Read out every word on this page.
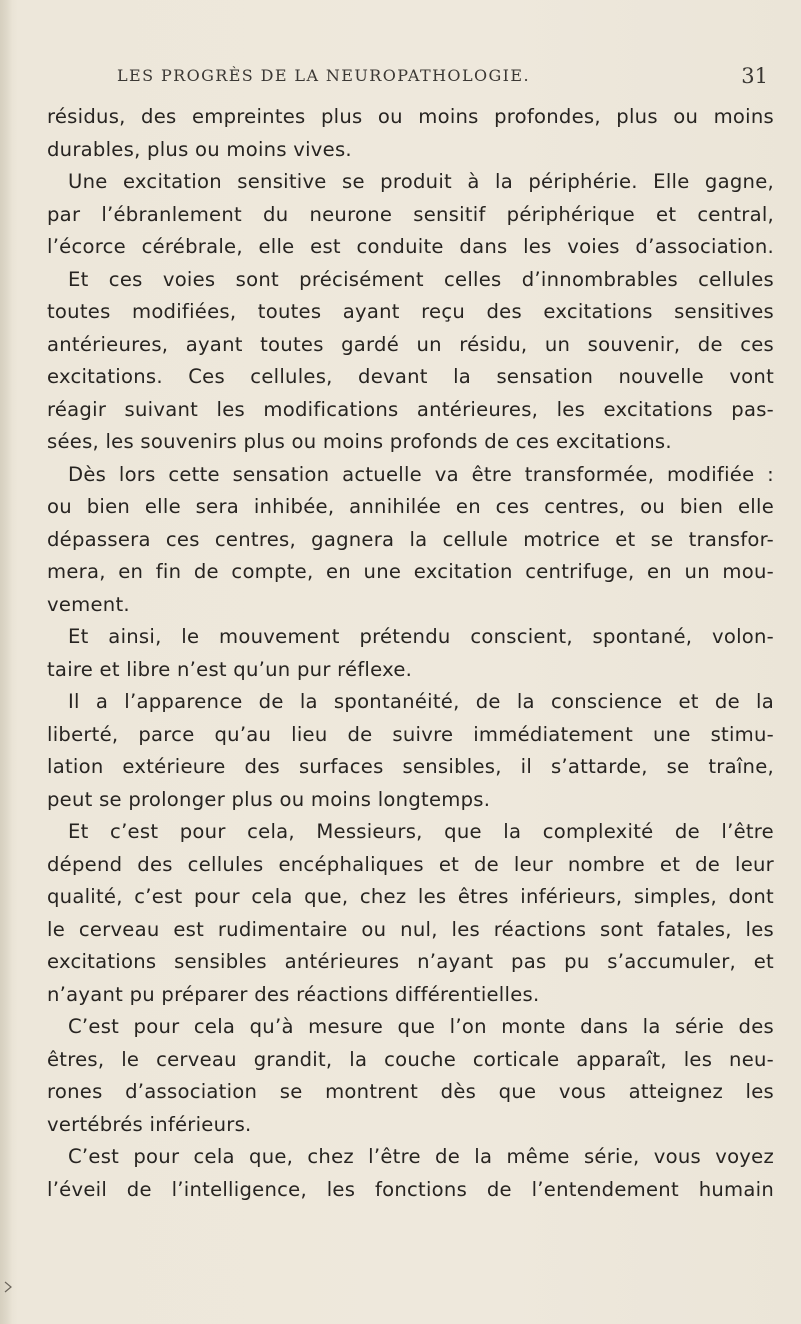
LES PROGRÈS DE LA NEUROPATHOLOGIE.	31
résidus, des empreintes plus ou moins profondes, plus ou moins
durables, plus ou moins vives.
Une excitation sensitive se produit à la périphérie. Elle gagne,
par l’ébranlement du neurone sensitif périphérique et central,
l’écorce cérébrale, elle est conduite dans les voies d’association.
Et ces voies sont précisément celles d’innombrables cellules
toutes modifiées, toutes ayant reçu des excitations sensitives
antérieures, ayant toutes gardé un résidu, un souvenir, de ces
excitations. Ces cellules, devant la sensation nouvelle vont
réagir suivant les modifications antérieures, les excitations pas-
sées, les souvenirs plus ou moins profonds de ces excitations.
Dès lors cette sensation actuelle va être transformée, modifiée :
ou bien elle sera inhibée, annihilée en ces centres, ou bien elle
dépassera ces centres, gagnera la cellule motrice et se transfor-
mera, en fin de compte, en une excitation centrifuge, en un mou-
vement.
Et ainsi, le mouvement prétendu conscient, spontané, volon-
taire et libre n’est qu’un pur réflexe.
Il a l’apparence de la spontanéité, de la conscience et de la
liberté, parce qu’au lieu de suivre immédiatement une stimu-
lation extérieure des surfaces sensibles, il s’attarde, se traîne,
peut se prolonger plus ou moins longtemps.
Et c’est pour cela, Messieurs, que la complexité de l’être
dépend des cellules encéphaliques et de leur nombre et de leur
qualité, c’est pour cela que, chez les êtres inférieurs, simples, dont
le cerveau est rudimentaire ou nul, les réactions sont fatales, les
excitations sensibles antérieures n’ayant pas pu s’accumuler, et
n’ayant pu préparer des réactions différentielles.
C’est pour cela qu’à mesure que l’on monte dans la série des
êtres, le cerveau grandit, la couche corticale apparaît, les neu-
rones d’association se montrent dès que vous atteignez les
vertébrés inférieurs.
C’est pour cela que, chez l’être de la même série, vous voyez
l’éveil de l’intelligence, les fonctions de l’entendement humain
